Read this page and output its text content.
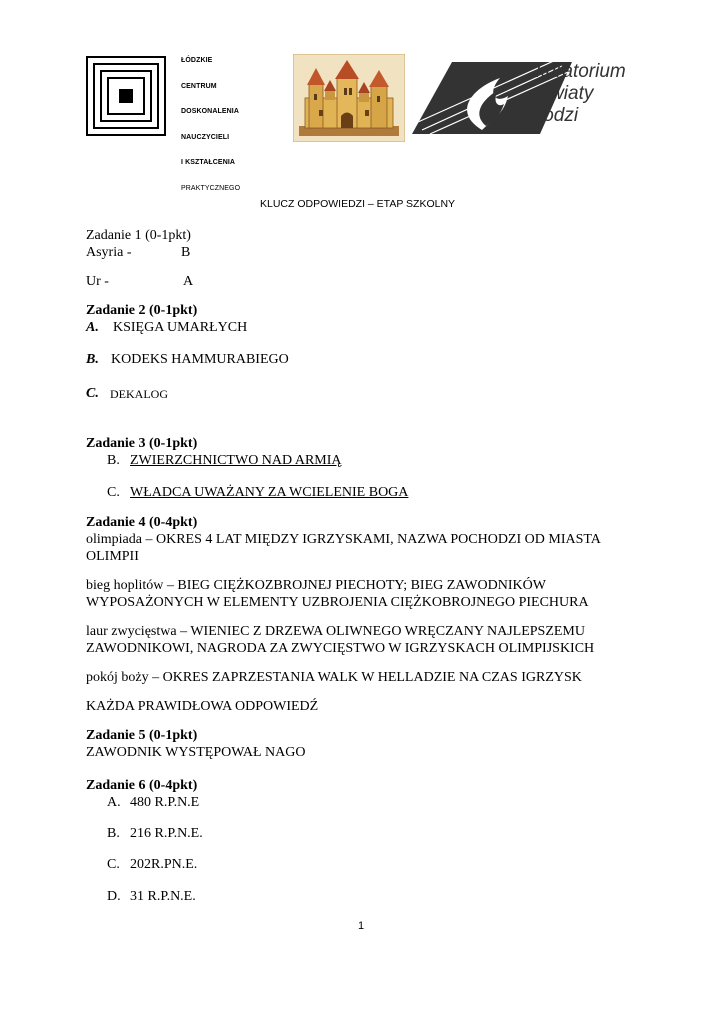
ŁÓDZKIE
CENTRUM
DOSKONALENIA
NAUCZYCIELI
I KSZTAŁCENIA
PRAKTYCZNEGO
kuratorium
oświaty
w łodzi
KLUCZ ODPOWIEDZI – ETAP SZKOLNY
Zadanie 1 (0-1pkt)
Asyria -	B
Ur -	A
Zadanie 2 (0-1pkt)
A. KSIĘGA UMARŁYCH
B. KODEKS HAMMURABIEGO
C. DEKALOG
Zadanie 3 (0-1pkt)
B. ZWIERZCHNICTWO NAD ARMIĄ
C. WŁADCA UWAŻANY ZA WCIELENIE BOGA
Zadanie 4 (0-4pkt)
olimpiada – OKRES 4 LAT MIĘDZY IGRZYSKAMI, NAZWA POCHODZI OD MIASTA
OLIMPII
bieg hoplitów – BIEG CIĘŻKOZBROJNEJ PIECHOTY; BIEG ZAWODNIKÓW
WYPOSAŻONYCH W ELEMENTY UZBROJENIA CIĘŻKOBROJNEGO PIECHURA
laur zwycięstwa – WIENIEC Z DRZEWA OLIWNEGO WRĘCZANY NAJLEPSZEMU
ZAWODNIKOWI, NAGRODA ZA ZWYCIĘSTWO W IGRZYSKACH OLIMPIJSKICH
pokój boży – OKRES ZAPRZESTANIA WALK W HELLADZIE NA CZAS IGRZYSK
KAŻDA PRAWIDŁOWA ODPOWIEDŹ
Zadanie 5 (0-1pkt)
ZAWODNIK WYSTĘPOWAŁ NAGO
Zadanie 6 (0-4pkt)
A. 480 R.P.N.E
B. 216 R.P.N.E.
C. 202R.PN.E.
D. 31 R.P.N.E.
1
